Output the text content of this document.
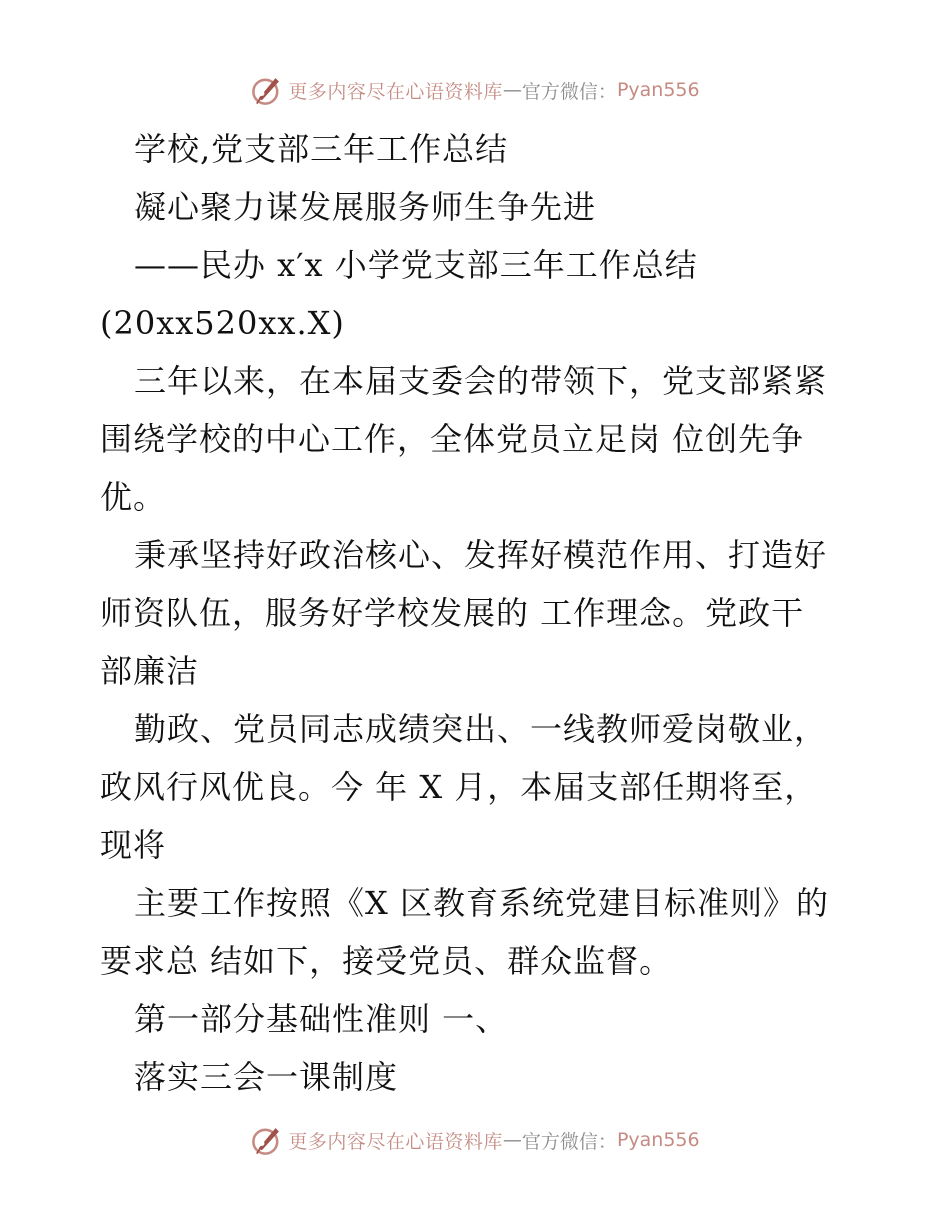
更多内容尽在心语资料库 — 官方微信： Pyan556
学校,党支部三年工作总结
凝心聚力谋发展服务师生争先进
——民办 x′x 小学党支部三年工作总结
(20xx520xx.X)
三年以来，在本届支委会的带领下，党支部紧紧
围绕学校的中心工作，全体党员立足岗 位创先争
优。
秉承坚持好政治核心、发挥好模范作用、打造好
师资队伍，服务好学校发展的 工作理念。党政干
部廉洁
勤政、党员同志成绩突出、一线教师爱岗敬业，
政风行风优良。今 年 X 月，本届支部任期将至，
现将
主要工作按照《X 区教育系统党建目标准则》的
要求总 结如下，接受党员、群众监督。
第一部分基础性准则 一、
落实三会一课制度
更多内容尽在心语资料库 — 官方微信： Pyan556
